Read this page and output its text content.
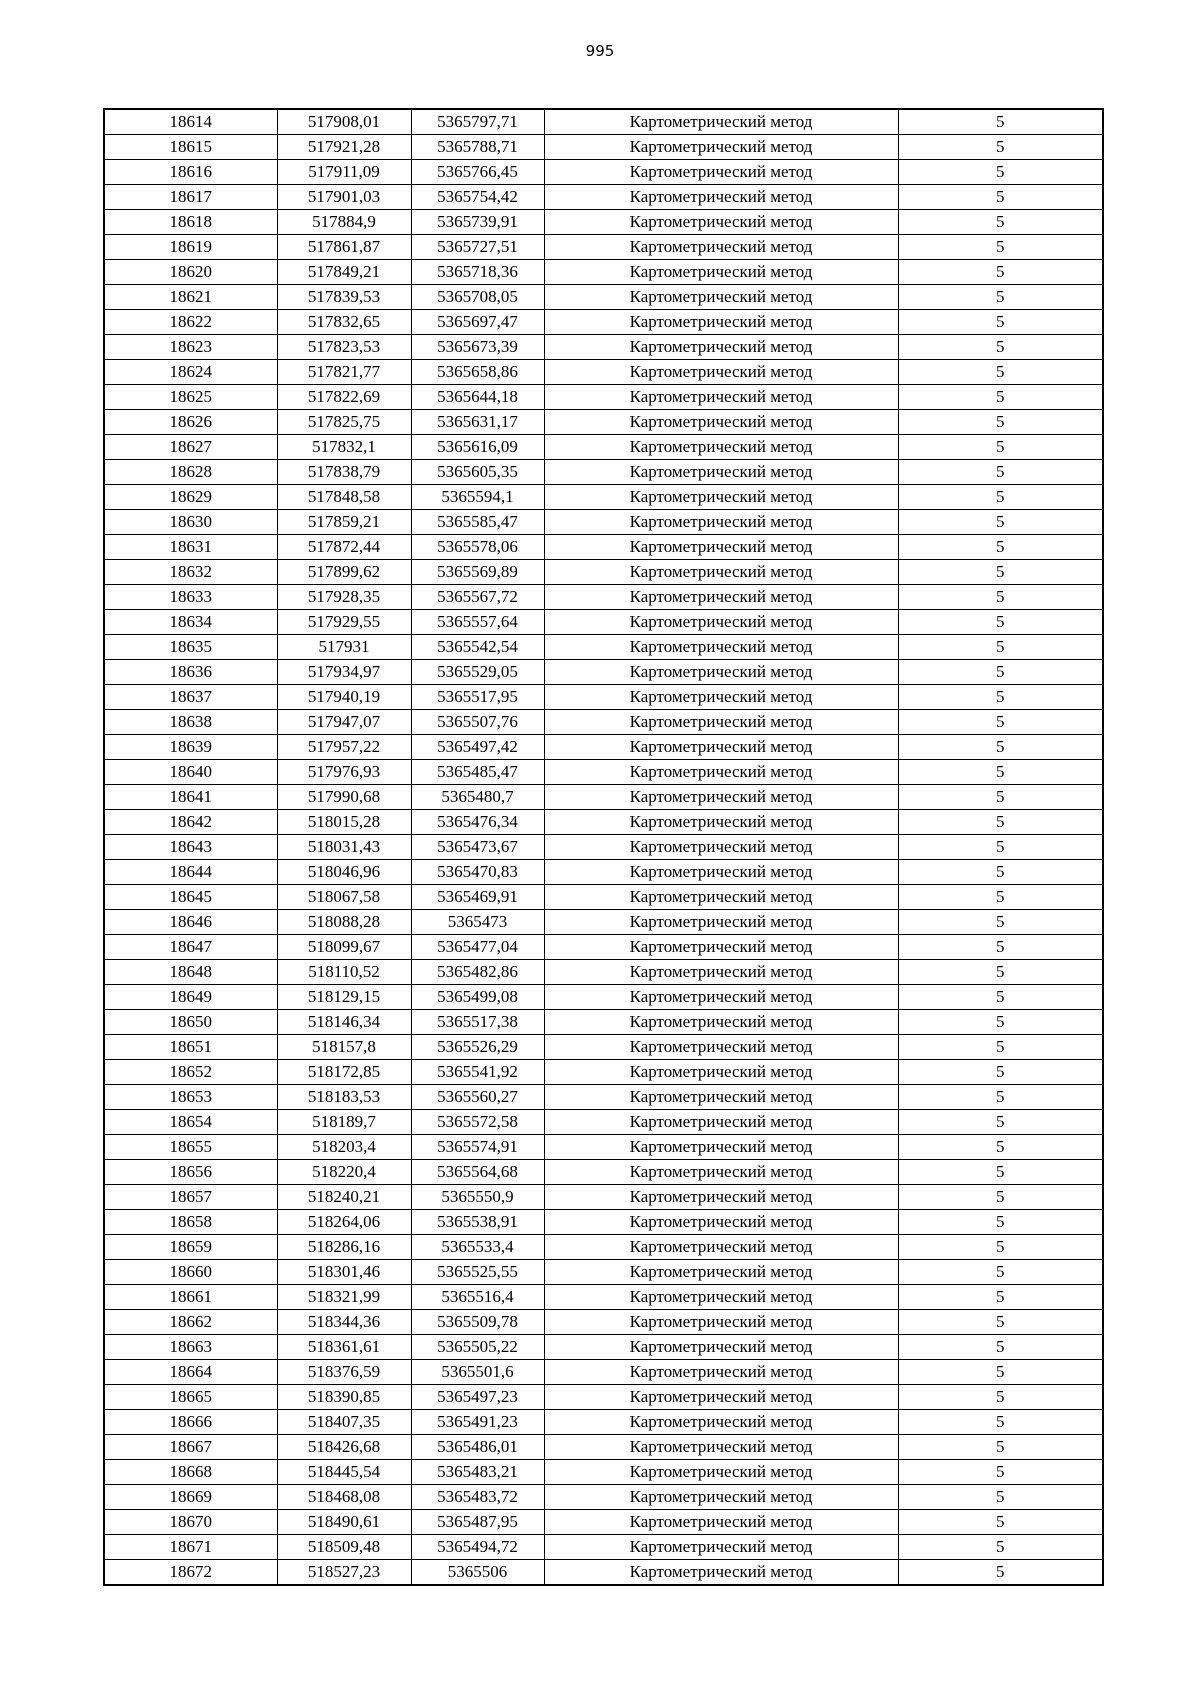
995
18614	517908,01	5365797,71	Картометрический метод	5
18615	517921,28	5365788,71	Картометрический метод	5
18616	517911,09	5365766,45	Картометрический метод	5
18617	517901,03	5365754,42	Картометрический метод	5
18618	517884,9	5365739,91	Картометрический метод	5
18619	517861,87	5365727,51	Картометрический метод	5
18620	517849,21	5365718,36	Картометрический метод	5
18621	517839,53	5365708,05	Картометрический метод	5
18622	517832,65	5365697,47	Картометрический метод	5
18623	517823,53	5365673,39	Картометрический метод	5
18624	517821,77	5365658,86	Картометрический метод	5
18625	517822,69	5365644,18	Картометрический метод	5
18626	517825,75	5365631,17	Картометрический метод	5
18627	517832,1	5365616,09	Картометрический метод	5
18628	517838,79	5365605,35	Картометрический метод	5
18629	517848,58	5365594,1	Картометрический метод	5
18630	517859,21	5365585,47	Картометрический метод	5
18631	517872,44	5365578,06	Картометрический метод	5
18632	517899,62	5365569,89	Картометрический метод	5
18633	517928,35	5365567,72	Картометрический метод	5
18634	517929,55	5365557,64	Картометрический метод	5
18635	517931	5365542,54	Картометрический метод	5
18636	517934,97	5365529,05	Картометрический метод	5
18637	517940,19	5365517,95	Картометрический метод	5
18638	517947,07	5365507,76	Картометрический метод	5
18639	517957,22	5365497,42	Картометрический метод	5
18640	517976,93	5365485,47	Картометрический метод	5
18641	517990,68	5365480,7	Картометрический метод	5
18642	518015,28	5365476,34	Картометрический метод	5
18643	518031,43	5365473,67	Картометрический метод	5
18644	518046,96	5365470,83	Картометрический метод	5
18645	518067,58	5365469,91	Картометрический метод	5
18646	518088,28	5365473	Картометрический метод	5
18647	518099,67	5365477,04	Картометрический метод	5
18648	518110,52	5365482,86	Картометрический метод	5
18649	518129,15	5365499,08	Картометрический метод	5
18650	518146,34	5365517,38	Картометрический метод	5
18651	518157,8	5365526,29	Картометрический метод	5
18652	518172,85	5365541,92	Картометрический метод	5
18653	518183,53	5365560,27	Картометрический метод	5
18654	518189,7	5365572,58	Картометрический метод	5
18655	518203,4	5365574,91	Картометрический метод	5
18656	518220,4	5365564,68	Картометрический метод	5
18657	518240,21	5365550,9	Картометрический метод	5
18658	518264,06	5365538,91	Картометрический метод	5
18659	518286,16	5365533,4	Картометрический метод	5
18660	518301,46	5365525,55	Картометрический метод	5
18661	518321,99	5365516,4	Картометрический метод	5
18662	518344,36	5365509,78	Картометрический метод	5
18663	518361,61	5365505,22	Картометрический метод	5
18664	518376,59	5365501,6	Картометрический метод	5
18665	518390,85	5365497,23	Картометрический метод	5
18666	518407,35	5365491,23	Картометрический метод	5
18667	518426,68	5365486,01	Картометрический метод	5
18668	518445,54	5365483,21	Картометрический метод	5
18669	518468,08	5365483,72	Картометрический метод	5
18670	518490,61	5365487,95	Картометрический метод	5
18671	518509,48	5365494,72	Картометрический метод	5
18672	518527,23	5365506	Картометрический метод	5
